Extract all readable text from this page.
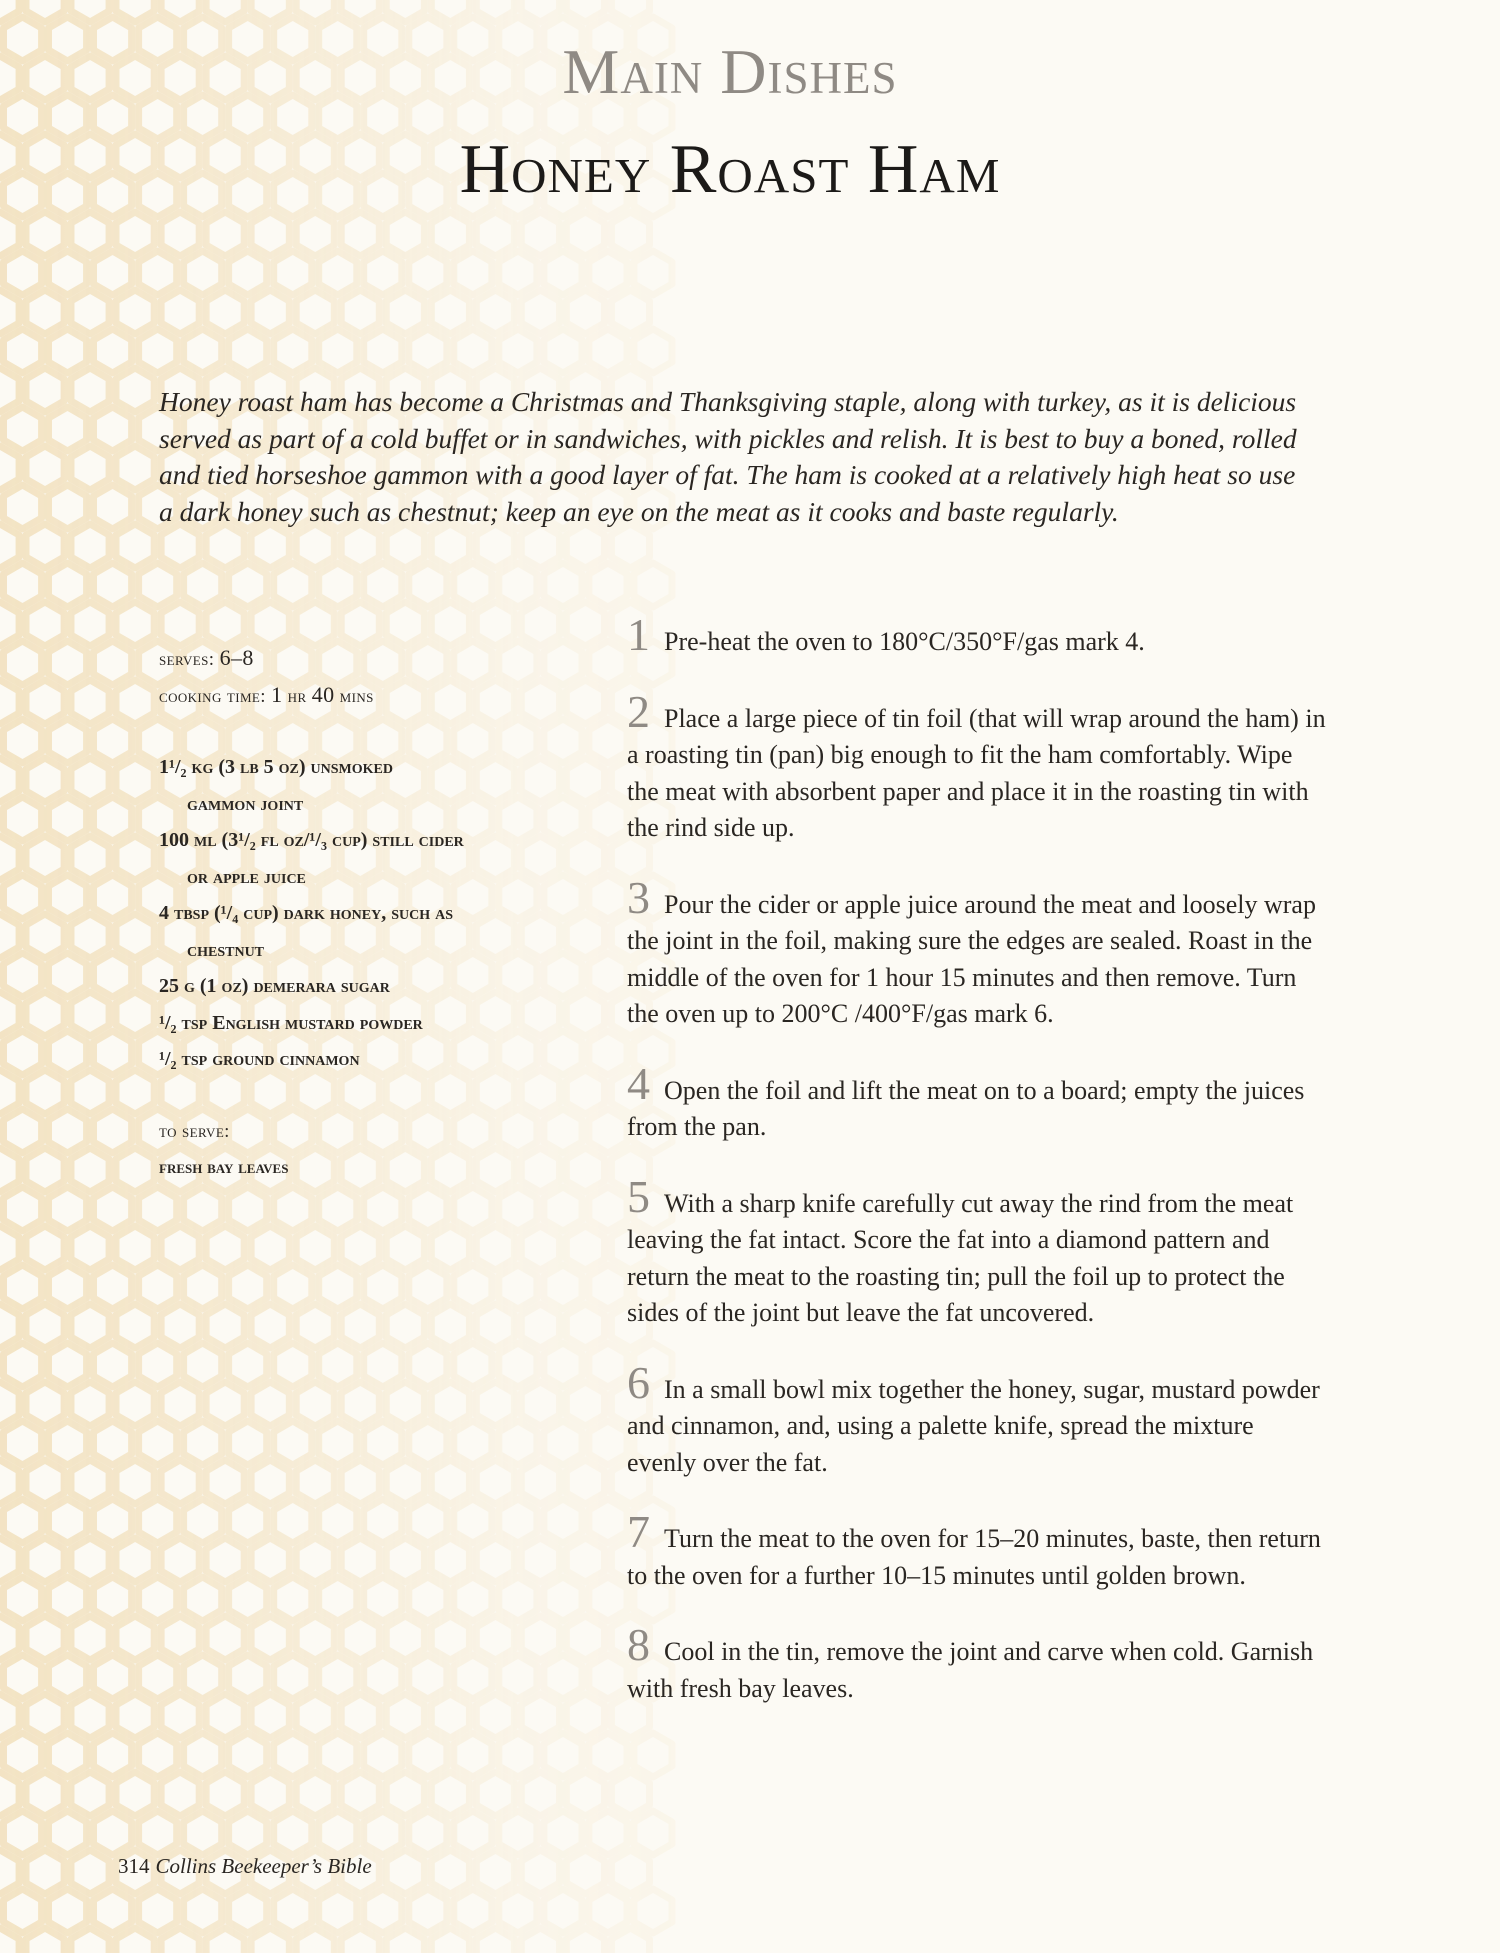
Main Dishes
Honey Roast Ham

Honey roast ham has become a Christmas and Thanksgiving staple, along with turkey, as it is delicious served as part of a cold buffet or in sandwiches, with pickles and relish. It is best to buy a boned, rolled and tied horseshoe gammon with a good layer of fat. The ham is cooked at a relatively high heat so use a dark honey such as chestnut; keep an eye on the meat as it cooks and baste regularly.

serves: 6–8
cooking time: 1 hr 40 mins
1¹/₂ kg (3 lb 5 oz) unsmoked
gammon joint
100 ml (3¹/₂ fl oz/¹/₃ cup) still cider
or apple juice
4 tbsp (¹/₄ cup) dark honey, such as
chestnut
25 g (1 oz) demerara sugar
¹/₂ tsp English mustard powder
¹/₂ tsp ground cinnamon
to serve:
fresh bay leaves
1 Pre-heat the oven to 180°C/350°F/gas mark 4.
2 Place a large piece of tin foil (that will wrap around the ham) in a roasting tin (pan) big enough to fit the ham comfortably. Wipe the meat with absorbent paper and place it in the roasting tin with the rind side up.
3 Pour the cider or apple juice around the meat and loosely wrap the joint in the foil, making sure the edges are sealed. Roast in the middle of the oven for 1 hour 15 minutes and then remove. Turn the oven up to 200°C /400°F/gas mark 6.
4 Open the foil and lift the meat on to a board; empty the juices from the pan.
5 With a sharp knife carefully cut away the rind from the meat leaving the fat intact. Score the fat into a diamond pattern and return the meat to the roasting tin; pull the foil up to protect the sides of the joint but leave the fat uncovered.
6 In a small bowl mix together the honey, sugar, mustard powder and cinnamon, and, using a palette knife, spread the mixture evenly over the fat.
7 Turn the meat to the oven for 15–20 minutes, baste, then return to the oven for a further 10–15 minutes until golden brown.
8 Cool in the tin, remove the joint and carve when cold. Garnish with fresh bay leaves.
314 Collins Beekeeper’s Bible
